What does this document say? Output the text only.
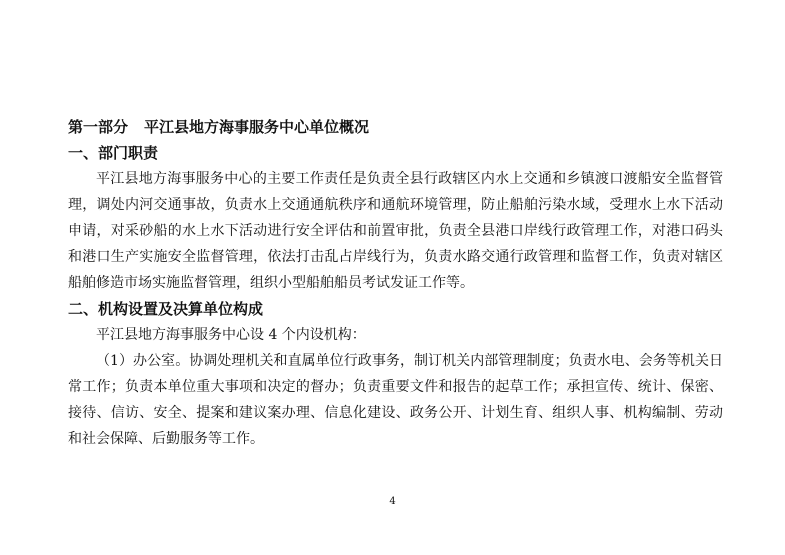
第一部分 平江县地方海事服务中心单位概况
一、部门职责

平江县地方海事服务中心的主要工作责任是负责全县行政辖区内水上交通和乡镇渡口渡船安全监督管理，调处内河交通事故，负责水上交通通航秩序和通航环境管理，防止船舶污染水域，受理水上水下活动申请，对采砂船的水上水下活动进行安全评估和前置审批，负责全县港口岸线行政管理工作，对港口码头和港口生产实施安全监督管理，依法打击乱占岸线行为，负责水路交通行政管理和监督工作，负责对辖区船舶修造市场实施监督管理，组织小型船舶船员考试发证工作等。

二、机构设置及决算单位构成

平江县地方海事服务中心设 4 个内设机构：

（1）办公室。协调处理机关和直属单位行政事务，制订机关内部管理制度；负责水电、会务等机关日常工作；负责本单位重大事项和决定的督办；负责重要文件和报告的起草工作；承担宣传、统计、保密、接待、信访、安全、提案和建议案办理、信息化建设、政务公开、计划生育、组织人事、机构编制、劳动和社会保障、后勤服务等工作。

4
